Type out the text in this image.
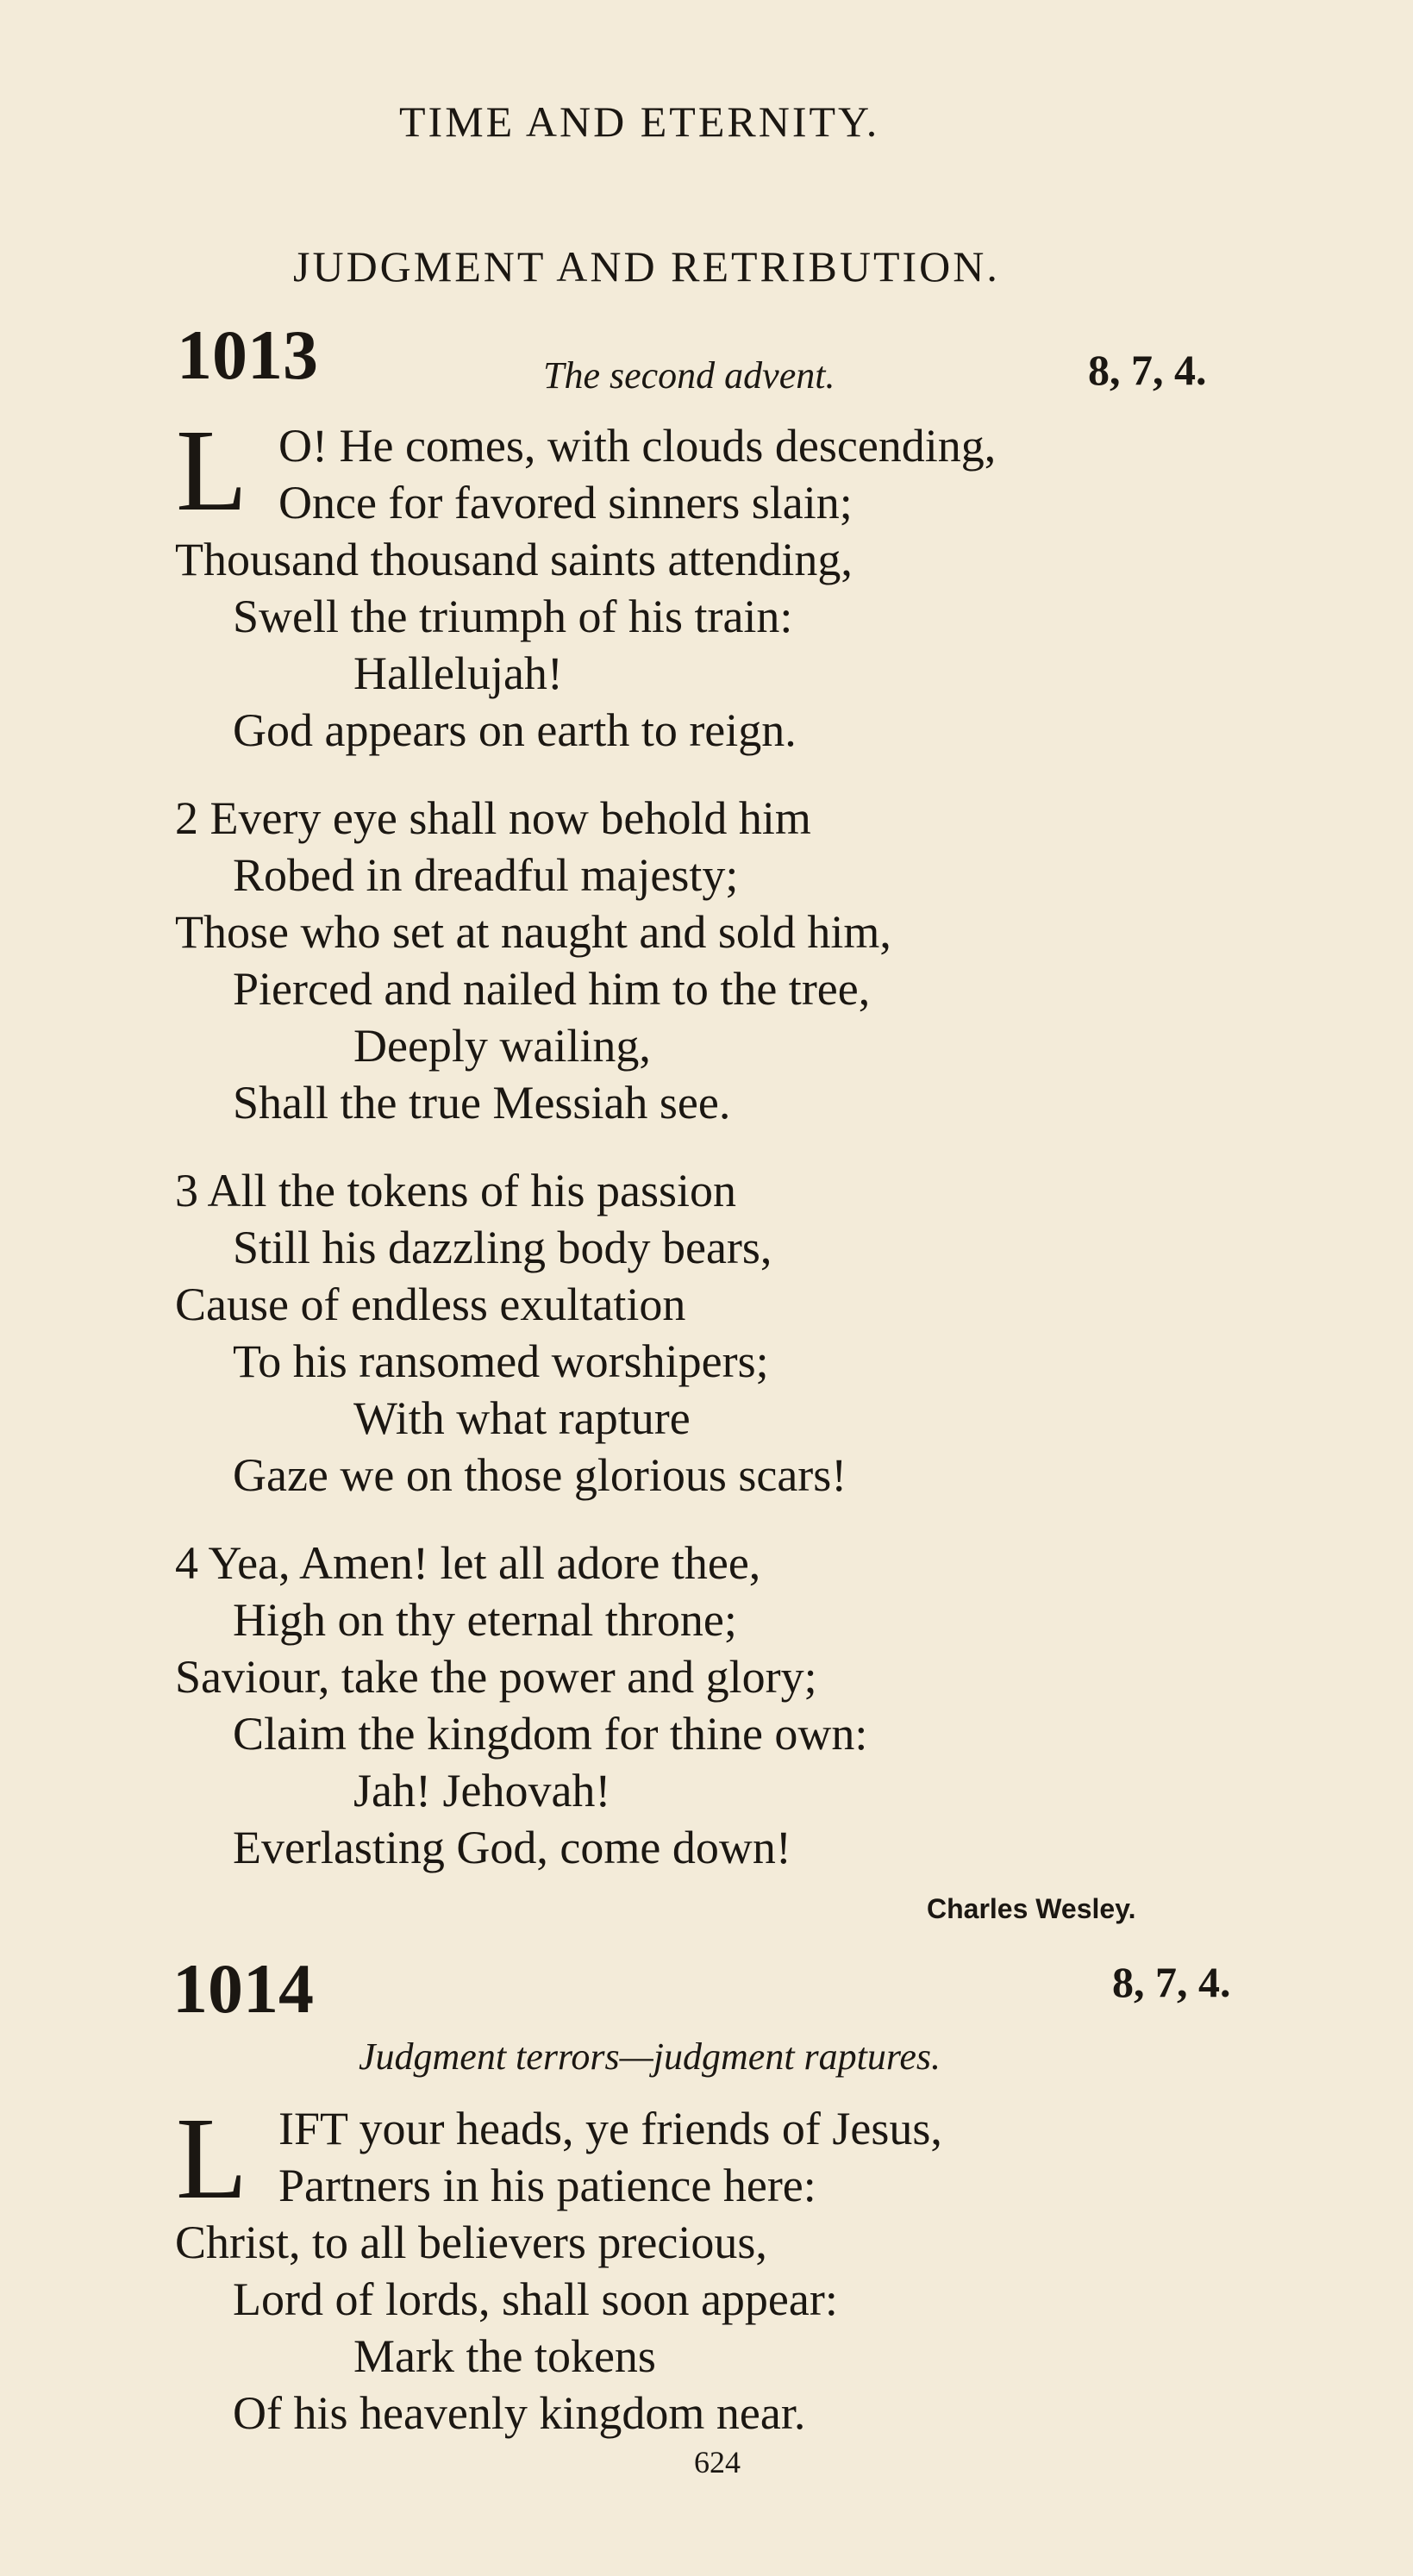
TIME AND ETERNITY.
JUDGMENT AND RETRIBUTION.
1013	The second advent.	8, 7, 4.
L O! He comes, with clouds descending,
Once for favored sinners slain;
Thousand thousand saints attending,
Swell the triumph of his train:
Hallelujah!
God appears on earth to reign.
2 Every eye shall now behold him
Robed in dreadful majesty;
Those who set at naught and sold him,
Pierced and nailed him to the tree,
Deeply wailing,
Shall the true Messiah see.
3 All the tokens of his passion
Still his dazzling body bears,
Cause of endless exultation
To his ransomed worshipers;
With what rapture
Gaze we on those glorious scars!
4 Yea, Amen! let all adore thee,
High on thy eternal throne;
Saviour, take the power and glory;
Claim the kingdom for thine own:
Jah! Jehovah!
Everlasting God, come down!
Charles Wesley.
1014	8, 7, 4.
Judgment terrors—judgment raptures.
L IFT your heads, ye friends of Jesus,
Partners in his patience here:
Christ, to all believers precious,
Lord of lords, shall soon appear:
Mark the tokens
Of his heavenly kingdom near.
624
